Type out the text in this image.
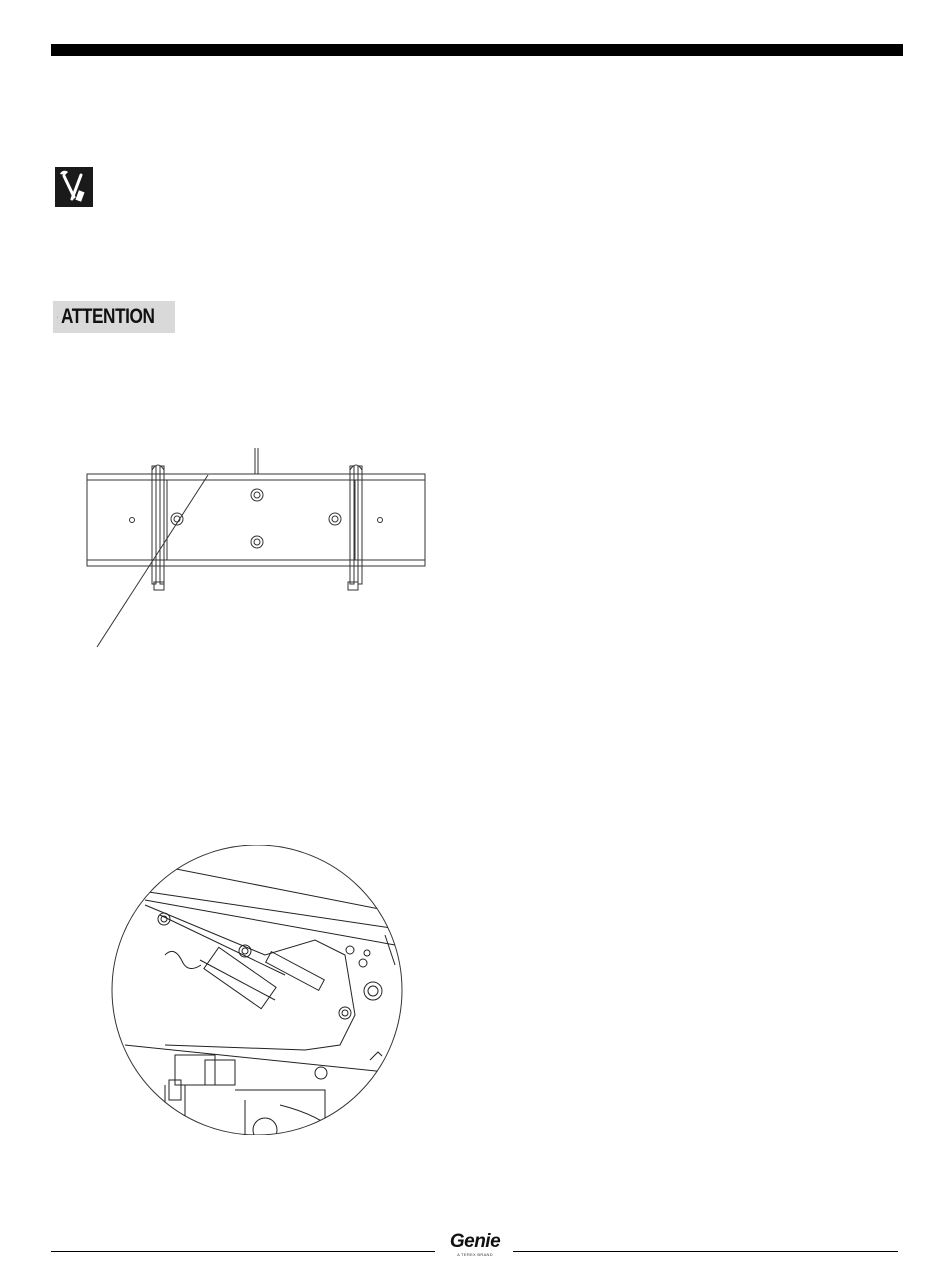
ATTENTION
Genie
A TEREX BRAND
